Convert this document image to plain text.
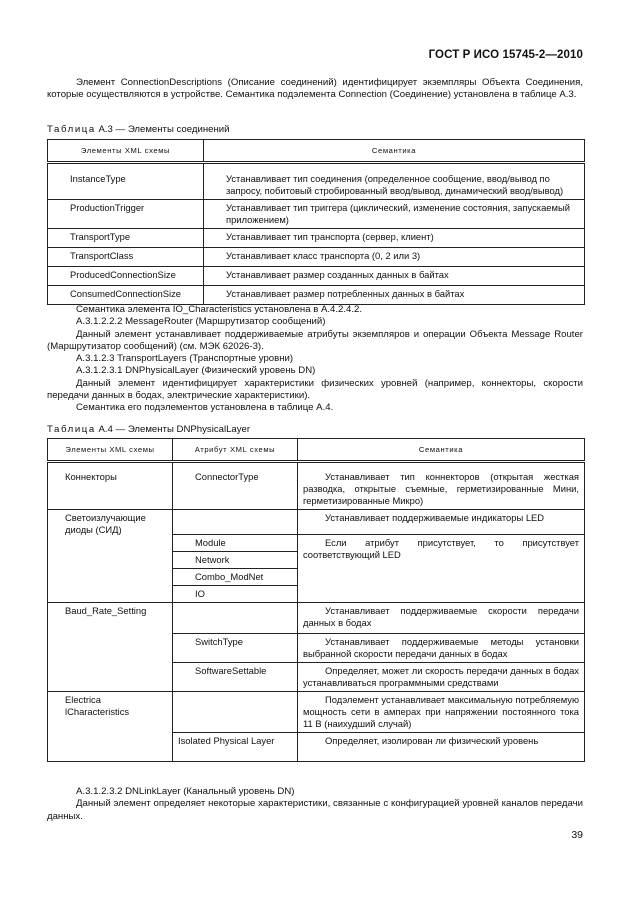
ГОСТ Р ИСО 15745-2—2010

Элемент ConnectionDescriptions (Описание соединений) идентифицирует экземпляры Объекта Соединения, которые осуществляются в устройстве. Семантика подэлемента Connection (Соединение) установлена в таблице А.3.

Таблица А.3 — Элементы соединений
Элементы XML схемы	Семантика

InstanceType	Устанавливает тип соединения (определенное сообщение, ввод/вывод по запросу, побитовый стробированный ввод/вывод, динамический ввод/вывод)
ProductionTrigger	Устанавливает тип триггера (циклический, изменение состояния, запускаемый приложением)
TransportType	Устанавливает тип транспорта (сервер, клиент)
TransportClass	Устанавливает класс транспорта (0, 2 или 3)
ProducedConnectionSize	Устанавливает размер созданных данных в байтах
ConsumedConnectionSize	Устанавливает размер потребленных данных в байтах

Семантика элемента IO_Characteristics установлена в А.4.2.4.2.

А.3.1.2.2.2 MessageRouter (Маршрутизатор сообщений)

Данный элемент устанавливает поддерживаемые атрибуты экземпляров и операции Объекта Message Router (Маршрутизатор сообщений) (см. МЭК 62026-3).

А.3.1.2.3 TransportLayers (Транспортные уровни)

А.3.1.2.3.1 DNPhysicalLayer (Физический уровень DN)

Данный элемент идентифицирует характеристики физических уровней (например, коннекторы, скорости передачи данных в бодах, электрические характеристики).

Семантика его подэлементов установлена в таблице А.4.

Таблица А.4 — Элементы DNPhysicalLayer
Элементы XML схемы	Атрибут XML схемы	Семантика

Коннекторы	ConnectorType	Устанавливает тип коннекторов (открытая жесткая разводка, открытые съемные, герметизированные Мини, герметизированные Микро)
Светоизлучающие диоды (СИД)		Устанавливает поддерживаемые индикаторы LED
	Module	Если атрибут присутствует, то присутствует соответствующий LED
	Network	
	Combo_ModNet	
	IO	
Baud_Rate_Setting		Устанавливает поддерживаемые скорости передачи данных в бодах
	SwitchType	Устанавливает поддерживаемые методы установки выбранной скорости передачи данных в бодах
	SoftwareSettable	Определяет, может ли скорость передачи данных в бодах устанавливаться программными средствами
Electrica lCharacteristics		Подэлемент устанавливает максимальную потребляемую мощность сети в амперах при напряжении постоянного тока 11 В (наихудший случай)
	Isolated Physical Layer	Определяет, изолирован ли физический уровень

А.3.1.2.3.2 DNLinkLayer (Канальный уровень DN)

Данный элемент определяет некоторые характеристики, связанные с конфигурацией уровней каналов передачи данных.

39
